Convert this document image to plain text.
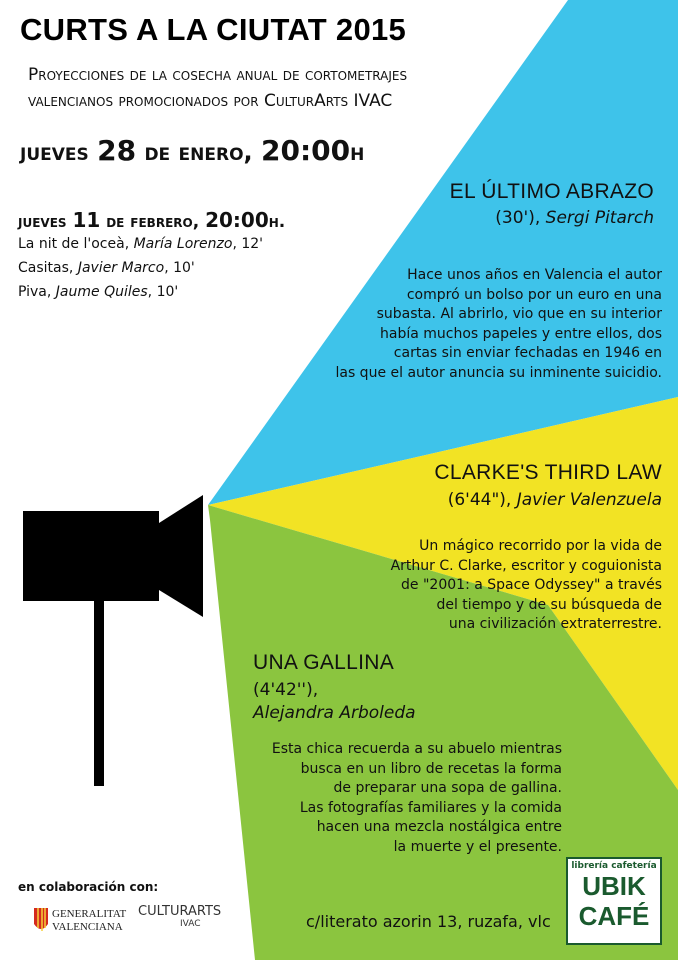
CURTS A LA CIUTAT 2015
Proyecciones de la cosecha anual de cortometrajes
valencianos promocionados por CulturArts IVAC
jueves 28 de enero, 20:00h
jueves 11 de febrero, 20:00h.
La nit de l'oceà, María Lorenzo, 12'
Casitas, Javier Marco, 10'
Piva, Jaume Quiles, 10'
EL ÚLTIMO ABRAZO
(30'), Sergi Pitarch
Hace unos años en Valencia el autor
compró un bolso por un euro en una
subasta. Al abrirlo, vio que en su interior
había muchos papeles y entre ellos, dos
cartas sin enviar fechadas en 1946 en
las que el autor anuncia su inminente suicidio.
CLARKE'S THIRD LAW
(6'44"), Javier Valenzuela
Un mágico recorrido por la vida de
Arthur C. Clarke, escritor y coguionista
de "2001: a Space Odyssey" a través
del tiempo y de su búsqueda de
una civilización extraterrestre.
UNA GALLINA
(4'42''),
Alejandra Arboleda
Esta chica recuerda a su abuelo mientras
busca en un libro de recetas la forma
de preparar una sopa de gallina.
Las fotografías familiares y la comida
hacen una mezcla nostálgica entre
la muerte y el presente.
en colaboración con:
GENERALITAT
VALENCIANA
CULTURARTS
IVAC	c/literato azorin 13, ruzafa, vlc
librería cafetería
UBIK
CAFÉ
